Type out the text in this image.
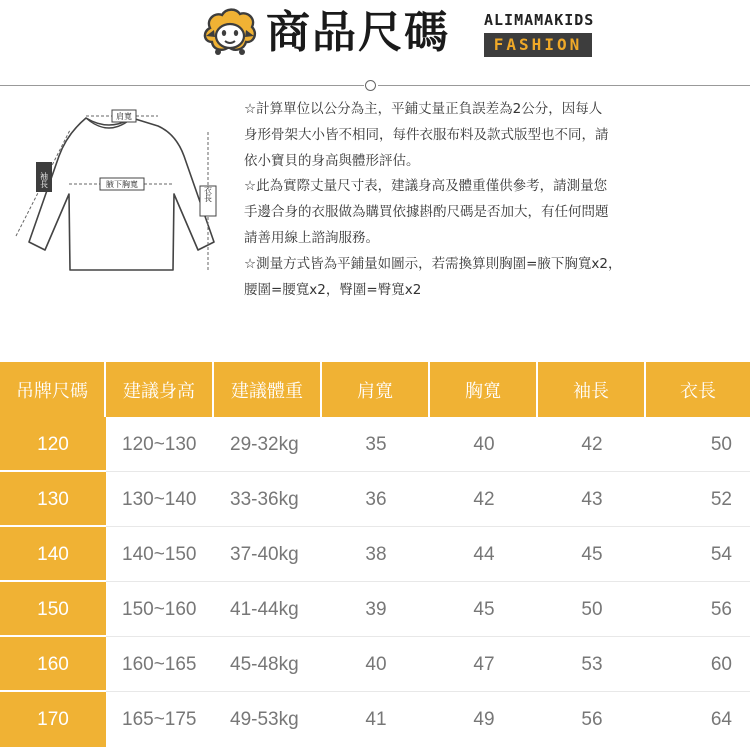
商品尺碼 ALIMAMAKIDS
FASHION
肩寬
腋下胸寬
袖長
衣長

☆計算單位以公分為主，平鋪丈量正負誤差為2公分，因每人

身形骨架大小皆不相同，每件衣服布料及款式版型也不同，請

依小寶貝的身高與體形評估。

☆此為實際丈量尺寸表，建議身高及體重僅供參考，請測量您

手邊合身的衣服做為購買依據斟酌尺碼是否加大，有任何問題

請善用線上諮詢服務。

☆測量方式皆為平鋪量如圖示，若需換算則胸圍=腋下胸寬x2，

腰圍=腰寬x2，臀圍=臀寬x2

吊牌尺碼	建議身高	建議體重	肩寬	胸寬	袖長	衣長
120	120~130	29-32kg	35	40	42	50
130	130~140	33-36kg	36	42	43	52
140	140~150	37-40kg	38	44	45	54
150	150~160	41-44kg	39	45	50	56
160	160~165	45-48kg	40	47	53	60
170	165~175	49-53kg	41	49	56	64
